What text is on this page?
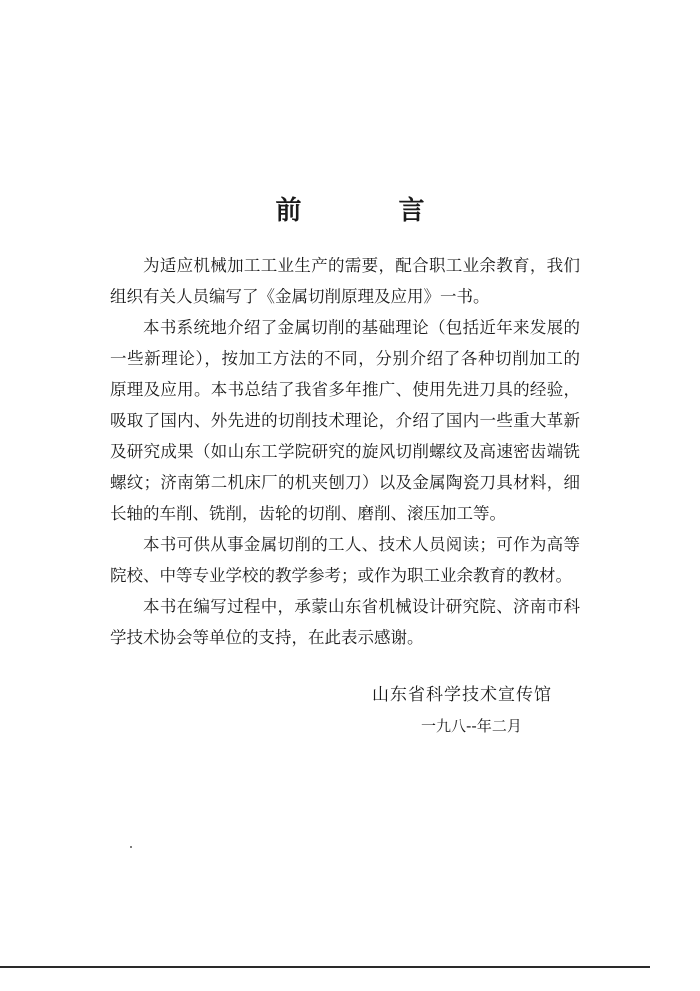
前 言

为适应机械加工工业生产的需要，配合职工业余教育，我们组织有关人员编写了《金属切削原理及应用》一书。

本书系统地介绍了金属切削的基础理论（包括近年来发展的一些新理论），按加工方法的不同，分别介绍了各种切削加工的原理及应用。本书总结了我省多年推广、使用先进刀具的经验，吸取了国内、外先进的切削技术理论，介绍了国内一些重大革新及研究成果（如山东工学院研究的旋风切削螺纹及高速密齿端铣螺纹；济南第二机床厂的机夹刨刀）以及金属陶瓷刀具材料，细长轴的车削、铣削，齿轮的切削、磨削、滚压加工等。

本书可供从事金属切削的工人、技术人员阅读；可作为高等院校、中等专业学校的教学参考；或作为职工业余教育的教材。

本书在编写过程中，承蒙山东省机械设计研究院、济南市科学技术协会等单位的支持，在此表示感谢。

山东省科学技术宣传馆
一九八--年二月
